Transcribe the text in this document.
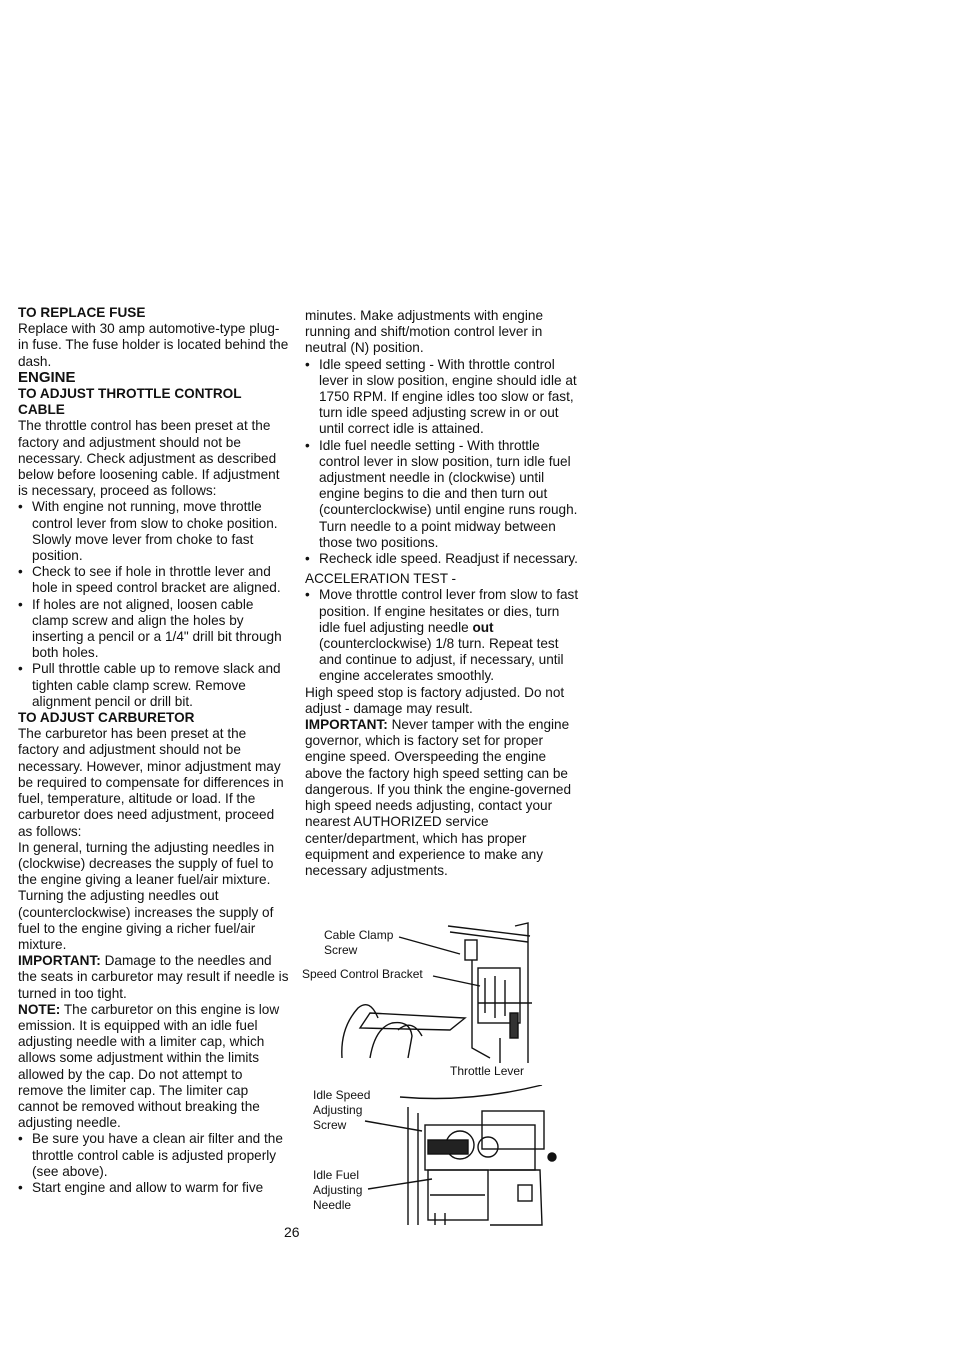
TO REPLACE FUSE

Replace with 30 amp automotive-type plug-in fuse. The fuse holder is located behind the dash.

ENGINE

TO ADJUST THROTTLE CONTROL CABLE

The throttle control has been preset at the factory and adjustment should not be necessary. Check adjustment as described below before loosening cable. If adjustment is necessary, proceed as follows:

• With engine not running, move throttle control lever from slow to choke position. Slowly move lever from choke to fast position.
• Check to see if hole in throttle lever and hole in speed control bracket are aligned.
• If holes are not aligned, loosen cable clamp screw and align the holes by inserting a pencil or a 1/4" drill bit through both holes.
• Pull throttle cable up to remove slack and tighten cable clamp screw. Remove alignment pencil or drill bit.

TO ADJUST CARBURETOR

The carburetor has been preset at the factory and adjustment should not be necessary. However, minor adjustment may be required to compensate for differences in fuel, temperature, altitude or load. If the carburetor does need adjustment, proceed as follows:

In general, turning the adjusting needles in (clockwise) decreases the supply of fuel to the engine giving a leaner fuel/air mixture. Turning the adjusting needles out (counterclockwise) increases the supply of fuel to the engine giving a richer fuel/air mixture.

IMPORTANT: Damage to the needles and the seats in carburetor may result if needle is turned in too tight.

NOTE: The carburetor on this engine is low emission. It is equipped with an idle fuel adjusting needle with a limiter cap, which allows some adjustment within the limits allowed by the cap. Do not attempt to remove the limiter cap. The limiter cap cannot be removed without breaking the adjusting needle.

• Be sure you have a clean air filter and the throttle control cable is adjusted properly (see above).
• Start engine and allow to warm for five

minutes. Make adjustments with engine running and shift/motion control lever in neutral (N) position.

• Idle speed setting - With throttle control lever in slow position, engine should idle at 1750 RPM. If engine idles too slow or fast, turn idle speed adjusting screw in or out until correct idle is attained.
• Idle fuel needle setting - With throttle control lever in slow position, turn idle fuel adjustment needle in (clockwise) until engine begins to die and then turn out (counterclockwise) until engine runs rough. Turn needle to a point midway between those two positions.
• Recheck idle speed. Readjust if necessary.

ACCELERATION TEST -

• Move throttle control lever from slow to fast position. If engine hesitates or dies, turn idle fuel adjusting needle out (counterclockwise) 1/8 turn. Repeat test and continue to adjust, if necessary, until engine accelerates smoothly.

High speed stop is factory adjusted. Do not adjust - damage may result.

IMPORTANT: Never tamper with the engine governor, which is factory set for proper engine speed. Overspeeding the engine above the factory high speed setting can be dangerous. If you think the engine-governed high speed needs adjusting, contact your nearest AUTHORIZED service center/department, which has proper equipment and experience to make any necessary adjustments.

Cable Clamp Screw
Speed Control Bracket
Throttle Lever
Idle Speed Adjusting Screw
Idle Fuel Adjusting Needle
26
